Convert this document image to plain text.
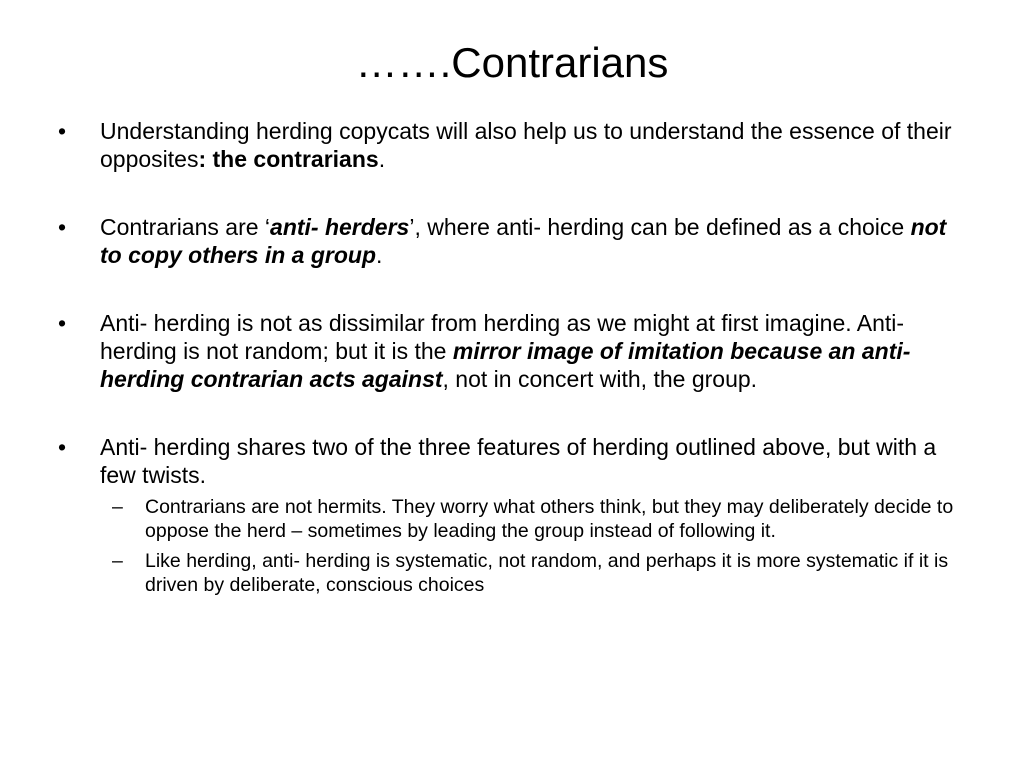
…….Contrarians
• Understanding herding copycats will also help us to understand the essence of their opposites: the contrarians.
• Contrarians are ‘anti- herders’, where anti- herding can be defined as a choice not to copy others in a group.
• Anti- herding is not as dissimilar from herding as we might at first imagine. Anti-herding is not random; but it is the mirror image of imitation because an anti-herding contrarian acts against, not in concert with, the group.
• Anti- herding shares two of the three features of herding outlined above, but with a few twists.
– Contrarians are not hermits. They worry what others think, but they may deliberately decide to oppose the herd – sometimes by leading the group instead of following it.
– Like herding, anti- herding is systematic, not random, and perhaps it is more systematic if it is driven by deliberate, conscious choices
